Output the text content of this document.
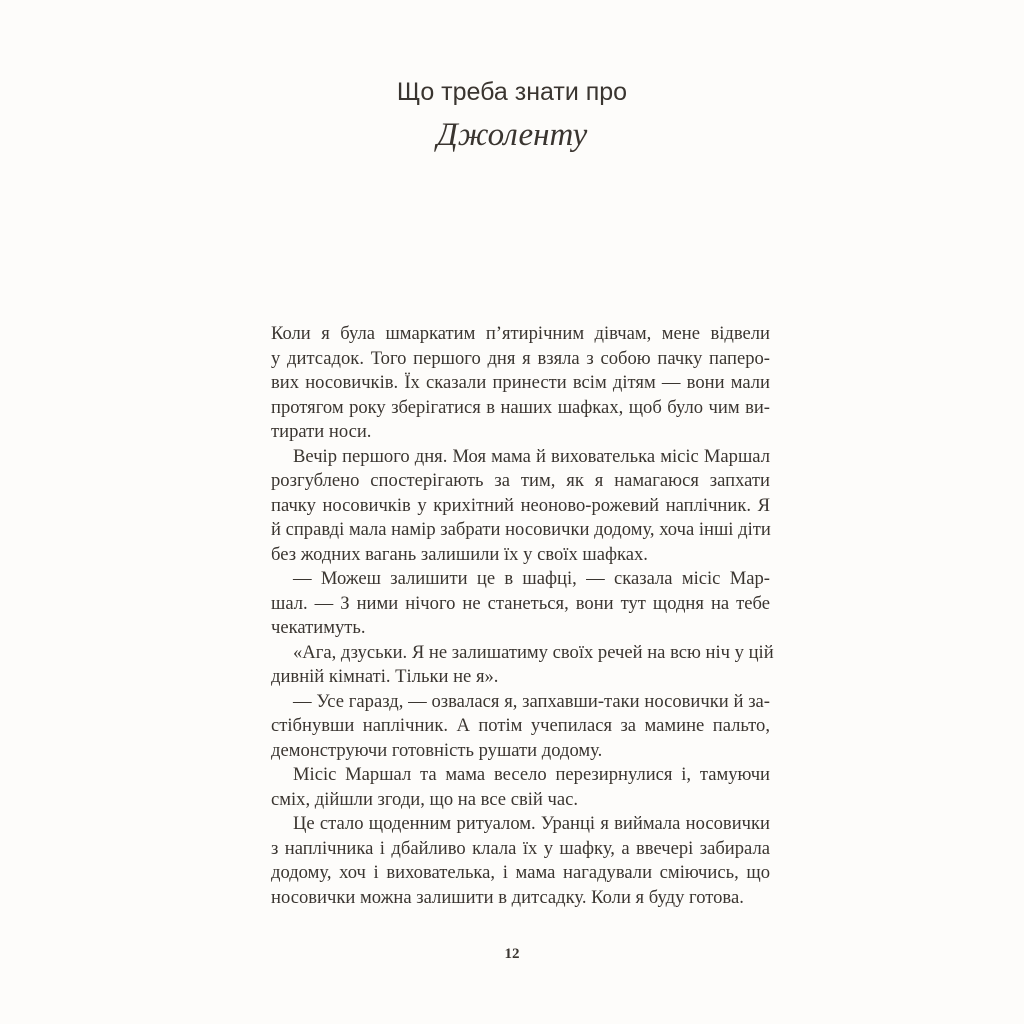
Що треба знати про
Джоленту
Коли я була шмаркатим п’ятирічним дівчам, мене відвели
у дитсадок. Того першого дня я взяла з собою пачку паперо-
вих носовичків. Їх сказали принести всім дітям — вони мали
протягом року зберігатися в наших шафках, щоб було чим ви-
тирати носи.
Вечір першого дня. Моя мама й вихователька місіс Маршал
розгублено спостерігають за тим, як я намагаюся запхати
пачку носовичків у крихітний неоново-рожевий наплічник. Я
й справді мала намір забрати носовички додому, хоча інші діти
без жодних вагань залишили їх у своїх шафках.
— Можеш залишити це в шафці, — сказала місіс Мар-
шал. — З ними нічого не станеться, вони тут щодня на тебе
чекатимуть.
«Ага, дзуськи. Я не залишатиму своїх речей на всю ніч у цій
дивній кімнаті. Тільки не я».
— Усе гаразд, — озвалася я, запхавши-таки носовички й за-
стібнувши наплічник. А потім учепилася за мамине пальто,
демонструючи готовність рушати додому.
Місіс Маршал та мама весело перезирнулися і, тамуючи
сміх, дійшли згоди, що на все свій час.
Це стало щоденним ритуалом. Уранці я виймала носовички
з наплічника і дбайливо клала їх у шафку, а ввечері забирала
додому, хоч і вихователька, і мама нагадували сміючись, що
носовички можна залишити в дитсадку. Коли я буду готова.
12
